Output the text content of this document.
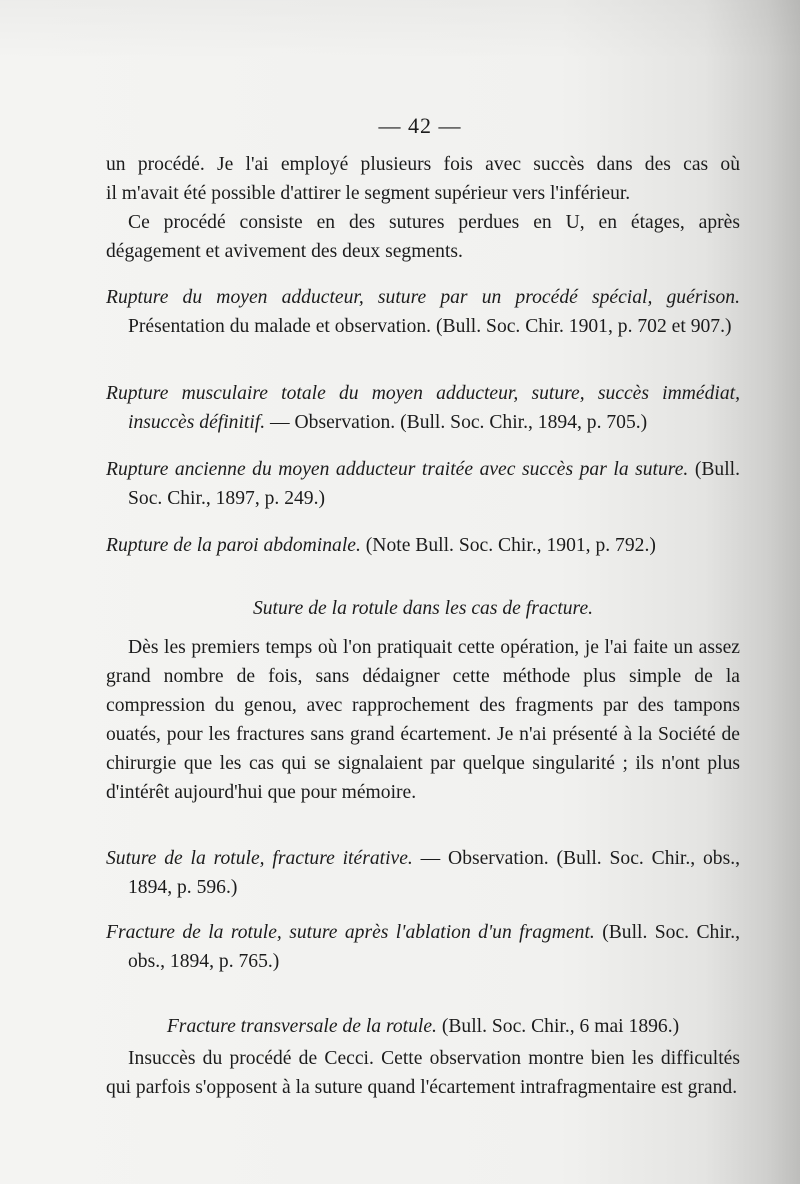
— 42 —

un procédé. Je l'ai employé plusieurs fois avec succès dans des cas où

il m'avait été possible d'attirer le segment supérieur vers l'inférieur.

Ce procédé consiste en des sutures perdues en U, en étages, après

dégagement et avivement des deux segments.

Rupture du moyen adducteur, suture par un procédé spécial, guérison. Présentation du malade et observation. (Bull. Soc. Chir. 1901, p. 702 et 907.)

Rupture musculaire totale du moyen adducteur, suture, succès immédiat, insuccès définitif. — Observation. (Bull. Soc. Chir., 1894, p. 705.)

Rupture ancienne du moyen adducteur traitée avec succès par la suture. (Bull. Soc. Chir., 1897, p. 249.)

Rupture de la paroi abdominale. (Note Bull. Soc. Chir., 1901, p. 792.)

Suture de la rotule dans les cas de fracture.

Dès les premiers temps où l'on pratiquait cette opération, je l'ai faite un assez grand nombre de fois, sans dédaigner cette méthode plus simple de la compression du genou, avec rapprochement des fragments par des tampons ouatés, pour les fractures sans grand écartement. Je n'ai présenté à la Société de chirurgie que les cas qui se signalaient par quelque singularité ; ils n'ont plus d'intérêt aujourd'hui que pour mémoire.

Suture de la rotule, fracture itérative. — Observation. (Bull. Soc. Chir., obs., 1894, p. 596.)

Fracture de la rotule, suture après l'ablation d'un fragment. (Bull. Soc. Chir., obs., 1894, p. 765.)

Fracture transversale de la rotule. (Bull. Soc. Chir., 6 mai 1896.)

Insuccès du procédé de Cecci. Cette observation montre bien les difficultés qui parfois s'opposent à la suture quand l'écartement intrafragmentaire est grand.
